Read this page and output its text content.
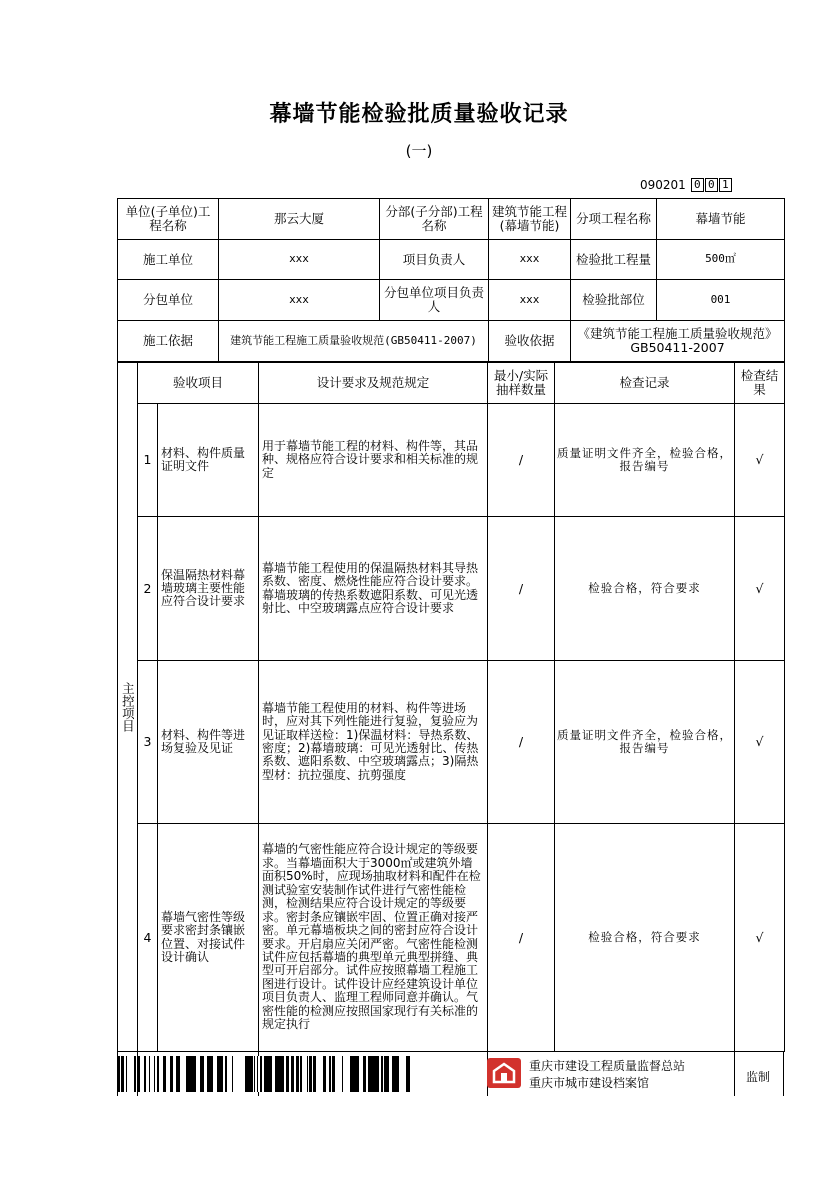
幕墙节能检验批质量验收记录
(一)
090201 0 0 1
单位(子单位)工程名称	那云大厦	分部(子分部)工程名称	建筑节能工程(幕墙节能)	分项工程名称	幕墙节能
施工单位	xxx	项目负责人	xxx	检验批工程量	500㎡
分包单位	xxx	分包单位项目负责人	xxx	检验批部位	001
施工依据	建筑节能工程施工质量验收规范(GB50411-2007)		验收依据	《建筑节能工程施工质量验收规范》GB50411-2007	
主控项目	验收项目		设计要求及规范规定	最小/实际抽样数量	检查记录	检查结果
	1	材料、构件质量证明文件	用于幕墙节能工程的材料、构件等，其品种、规格应符合设计要求和相关标准的规定	/	质量证明文件齐全，检验合格，报告编号	√
	2	保温隔热材料幕墙玻璃主要性能应符合设计要求	幕墙节能工程使用的保温隔热材料其导热系数、密度、燃烧性能应符合设计要求。幕墙玻璃的传热系数遮阳系数、可见光透射比、中空玻璃露点应符合设计要求	/	检验合格，符合要求	√
	3	材料、构件等进场复验及见证	幕墙节能工程使用的材料、构件等进场时，应对其下列性能进行复验，复验应为见证取样送检：1)保温材料：导热系数、密度；2)幕墙玻璃：可见光透射比、传热系数、遮阳系数、中空玻璃露点；3)隔热型材：抗拉强度、抗剪强度	/	质量证明文件齐全，检验合格，报告编号	√
	4	幕墙气密性等级要求密封条镶嵌位置、对接试件设计确认	幕墙的气密性能应符合设计规定的等级要求。当幕墙面积大于3000㎡或建筑外墙面积50%时，应现场抽取材料和配件在检测试验室安装制作试件进行气密性能检测，检测结果应符合设计规定的等级要求。密封条应镶嵌牢固、位置正确对接严密。单元幕墙板块之间的密封应符合设计要求。开启扇应关闭严密。气密性能检测试件应包括幕墙的典型单元典型拼缝、典型可开启部分。试件应按照幕墙工程施工图进行设计。试件设计应经建筑设计单位项目负责人、监理工程师同意并确认。气密性能的检测应按照国家现行有关标准的规定执行	/	检验合格，符合要求	√
重庆市建设工程质量监督总站
重庆市城市建设档案馆	监制
